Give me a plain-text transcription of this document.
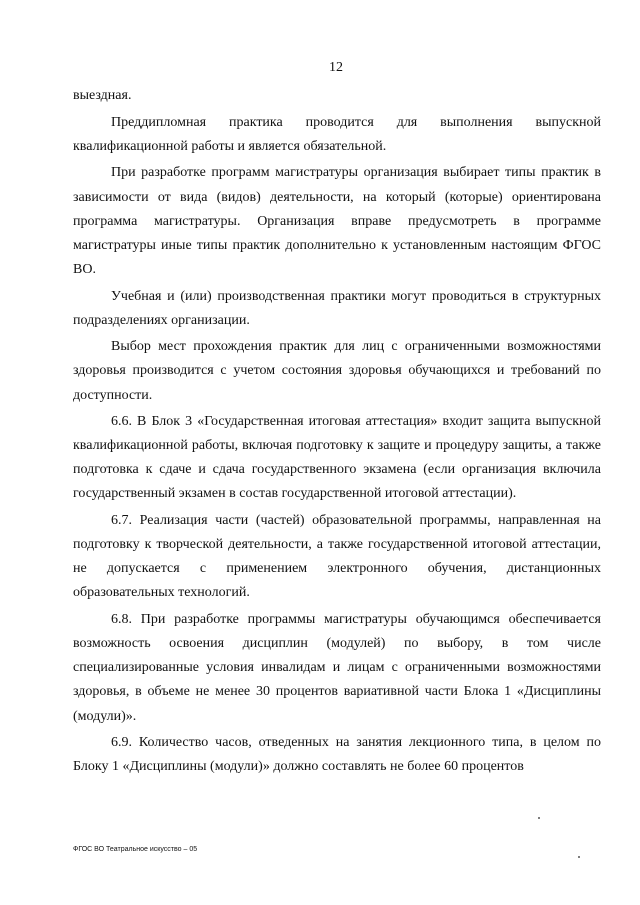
12

выездная.

Преддипломная практика проводится для выполнения выпускной квалификационной работы и является обязательной.

При разработке программ магистратуры организация выбирает типы практик в зависимости от вида (видов) деятельности, на который (которые) ориентирована программа магистратуры. Организация вправе предусмотреть в программе магистратуры иные типы практик дополнительно к установленным настоящим ФГОС ВО.

Учебная и (или) производственная практики могут проводиться в структурных подразделениях организации.

Выбор мест прохождения практик для лиц с ограниченными возможностями здоровья производится с учетом состояния здоровья обучающихся и требований по доступности.

6.6. В Блок 3 «Государственная итоговая аттестация» входит защита выпускной квалификационной работы, включая подготовку к защите и процедуру защиты, а также подготовка к сдаче и сдача государственного экзамена (если организация включила государственный экзамен в состав государственной итоговой аттестации).

6.7. Реализация части (частей) образовательной программы, направленная на подготовку к творческой деятельности, а также государственной итоговой аттестации, не допускается с применением электронного обучения, дистанционных образовательных технологий.

6.8. При разработке программы магистратуры обучающимся обеспечивается возможность освоения дисциплин (модулей) по выбору, в том числе специализированные условия инвалидам и лицам с ограниченными возможностями здоровья, в объеме не менее 30 процентов вариативной части Блока 1 «Дисциплины (модули)».

6.9. Количество часов, отведенных на занятия лекционного типа, в целом по Блоку 1 «Дисциплины (модули)» должно составлять не более 60 процентов

ФГОС ВО Театральное искусство – 05
